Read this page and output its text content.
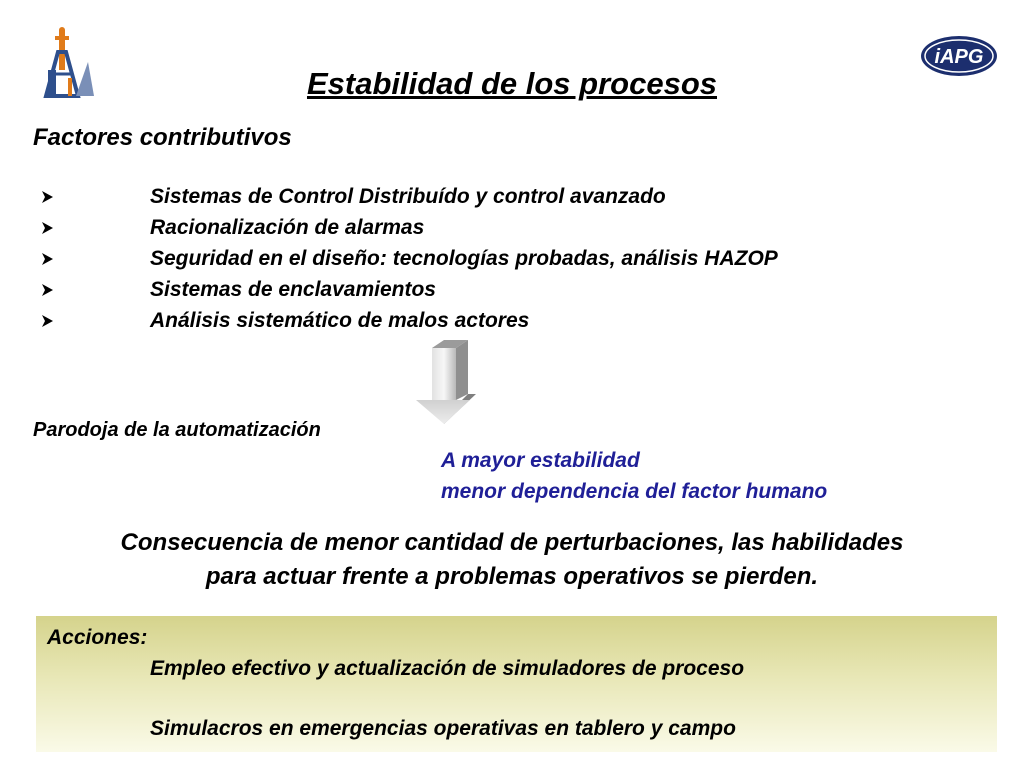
iAPG
Estabilidad de los procesos
Factores contributivos
Sistemas de Control Distribuído y control avanzado
Racionalización de alarmas
Seguridad en el diseño: tecnologías probadas, análisis HAZOP
Sistemas de enclavamientos
Análisis sistemático de malos actores

Parodoja de la automatización

A mayor estabilidad

menor dependencia del factor humano

Consecuencia de menor cantidad de perturbaciones, las habilidades
para actuar frente a problemas operativos se pierden.

Acciones:

Empleo efectivo y actualización de simuladores de proceso

Simulacros en emergencias operativas en tablero y campo
